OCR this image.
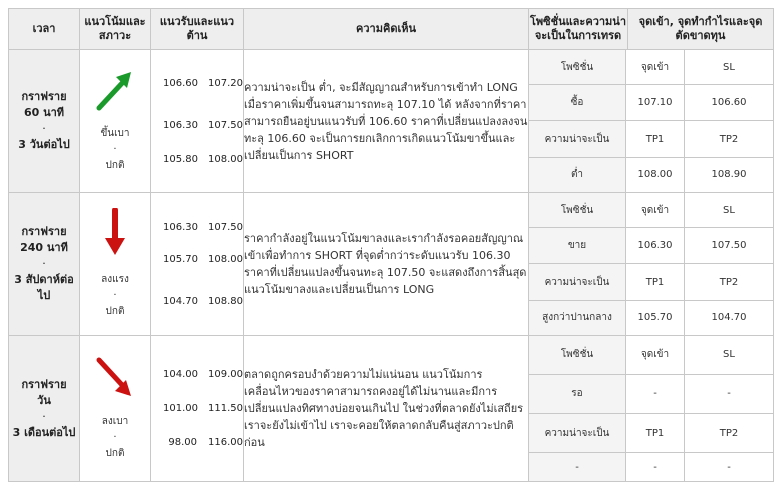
เวลา	แนวโน้มและสภาวะ	แนวรับและแนวต้าน	ความคิดเห็น	โพซิชั่นและความน่าจะเป็นในการเทรด	จุดเข้า, จุดทำกำไรและจุดตัดขาดทุน

กราฟราย
60 นาที
·
3 วันต่อไป

ขึ้นเบา
·
ปกติ

106.60	107.20
106.30	107.50
105.80	108.00
	ความน่าจะเป็น ต่ำ, จะมีสัญญาณสำหรับการเข้าทำ LONG เมื่อราคาเพิ่มขึ้นจนสามารถทะลุ 107.10 ได้ หลังจากที่ราคาสามารถยืนอยู่บนแนวรับที่ 106.60 ราคาที่เปลี่ยนแปลงลงจนทะลุ 106.60 จะเป็นการยกเลิกการเกิดแนวโน้มขาขึ้นและเปลี่ยนเป็นการ SHORT	
โพซิชั่น	จุดเข้า	SL
ซื้อ	107.10	106.60
ความน่าจะเป็น	TP1	TP2
ต่ำ	108.00	108.90

กราฟราย
240 นาที
·
3 สัปดาห์ต่อไป

ลงแรง
·
ปกติ

106.30	107.50
105.70	108.00
104.70	108.80
	ราคากำลังอยู่ในแนวโน้มขาลงและเรากำลังรอคอยสัญญาณเข้าเพื่อทำการ SHORT ที่จุดต่ำกว่าระดับแนวรับ 106.30 ราคาที่เปลี่ยนแปลงขึ้นจนทะลุ 107.50 จะแสดงถึงการสิ้นสุดแนวโน้มขาลงและเปลี่ยนเป็นการ LONG	
โพซิชั่น	จุดเข้า	SL
ขาย	106.30	107.50
ความน่าจะเป็น	TP1	TP2
สูงกว่าปานกลาง	105.70	104.70

กราฟราย
วัน
·
3 เดือนต่อไป

ลงเบา
·
ปกติ

104.00	109.00
101.00	111.50
98.00	116.00
	ตลาดถูกครอบงำด้วยความไม่แน่นอน แนวโน้มการเคลื่อนไหวของราคาสามารถคงอยู่ได้ไม่นานและมีการเปลี่ยนแปลงทิศทางบ่อยจนเกินไป ในช่วงที่ตลาดยังไม่เสถียรเราจะยังไม่เข้าไป เราจะคอยให้ตลาดกลับคืนสู่สภาวะปกติก่อน	
โพซิชั่น	จุดเข้า	SL
รอ	-	-
ความน่าจะเป็น	TP1	TP2
-	-	-
